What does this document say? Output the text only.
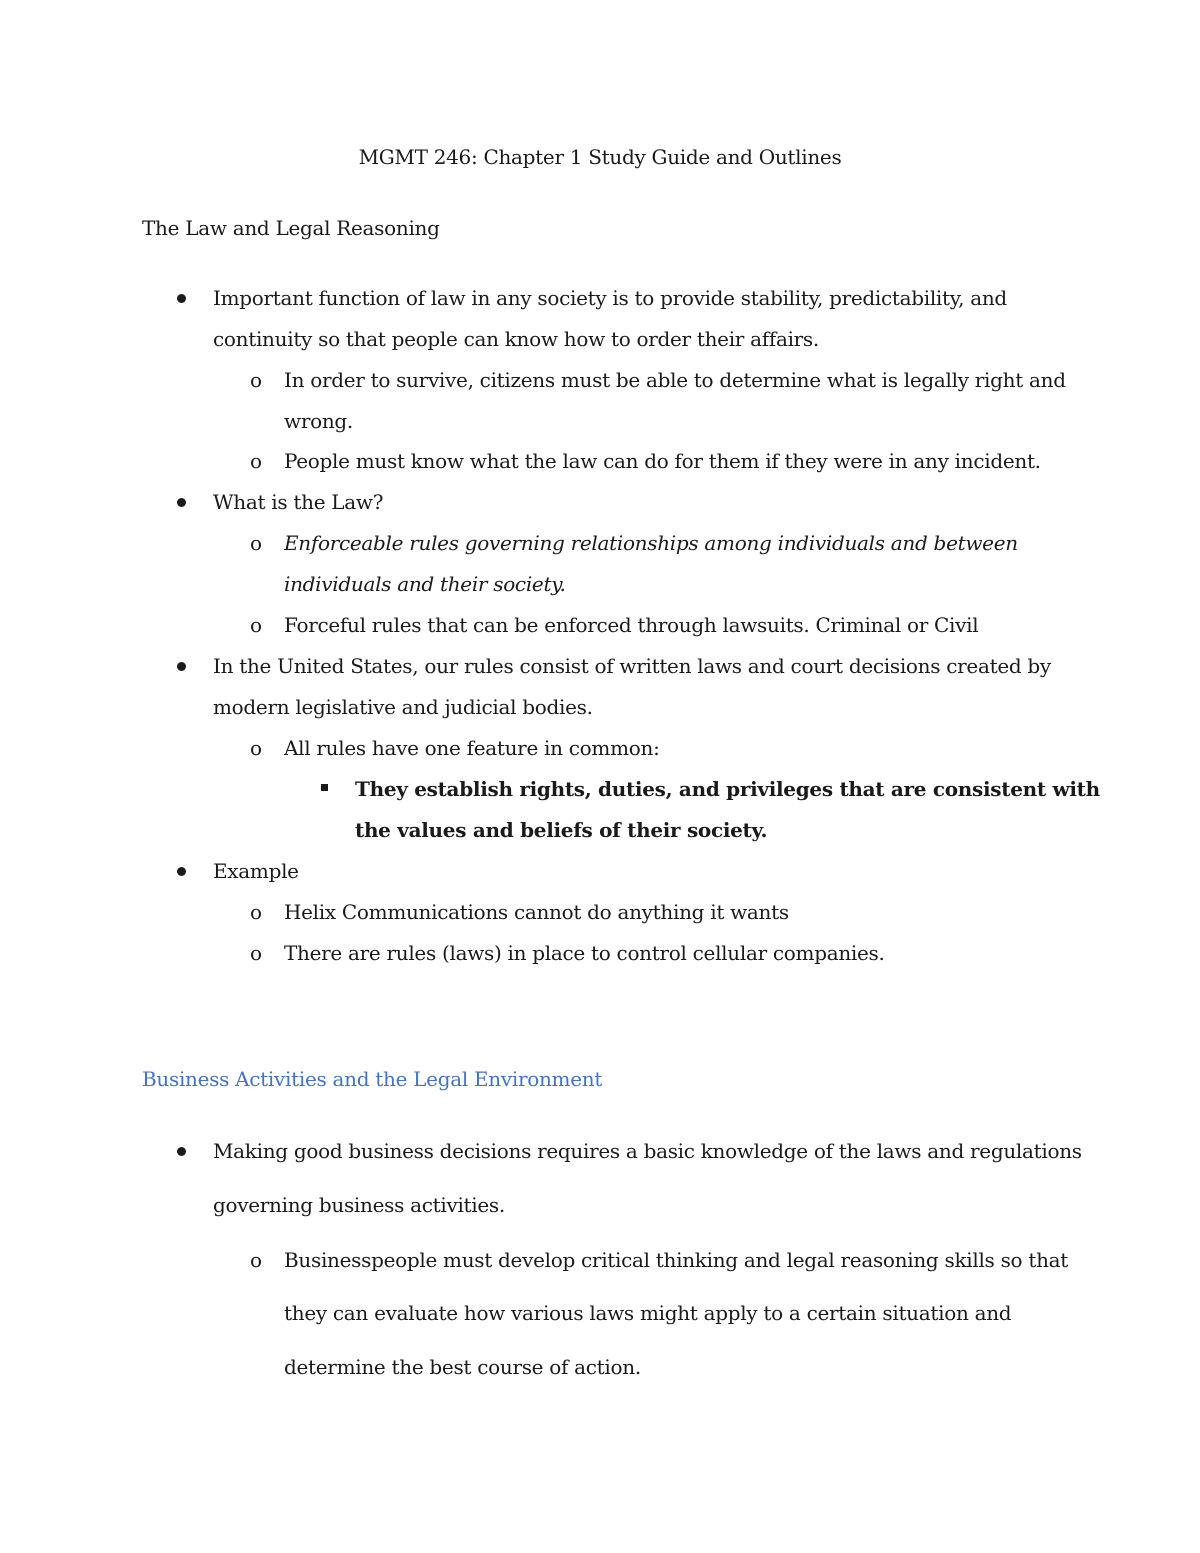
MGMT 246: Chapter 1 Study Guide and Outlines
The Law and Legal Reasoning
Important function of law in any society is to provide stability, predictability, and
continuity so that people can know how to order their affairs.
o In order to survive, citizens must be able to determine what is legally right and
wrong.
o People must know what the law can do for them if they were in any incident.
What is the Law?
o Enforceable rules governing relationships among individuals and between
individuals and their society.
o Forceful rules that can be enforced through lawsuits. Criminal or Civil
In the United States, our rules consist of written laws and court decisions created by
modern legislative and judicial bodies.
o All rules have one feature in common:
They establish rights, duties, and privileges that are consistent with
the values and beliefs of their society.
Example
o Helix Communications cannot do anything it wants
o There are rules (laws) in place to control cellular companies.
Business Activities and the Legal Environment
Making good business decisions requires a basic knowledge of the laws and regulations
governing business activities.
o Businesspeople must develop critical thinking and legal reasoning skills so that
they can evaluate how various laws might apply to a certain situation and
determine the best course of action.
